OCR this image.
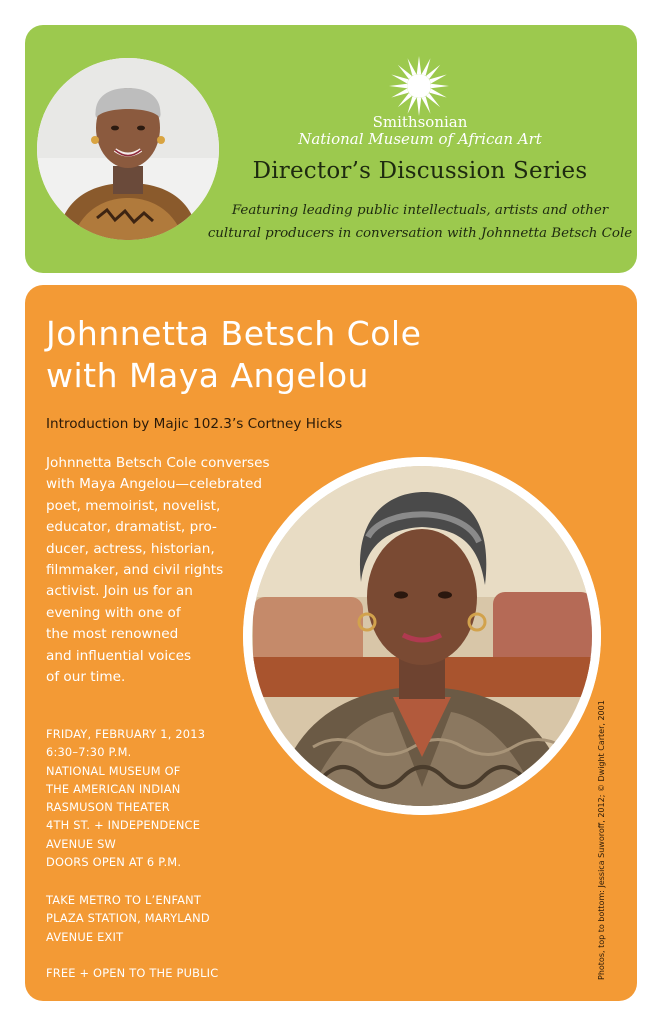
Smithsonian
National Museum of African Art
Director’s Discussion Series
Featuring leading public intellectuals, artists and other cultural producers in conversation with Johnnetta Betsch Cole
Johnnetta Betsch Cole
with Maya Angelou
Introduction by Majic 102.3’s Cortney Hicks
Johnnetta Betsch Cole converses
with Maya Angelou—celebrated
poet, memoirist, novelist,
educator, dramatist, pro-
ducer, actress, historian,
filmmaker, and civil rights
activist. Join us for an
evening with one of
the most renowned
and influential voices
of our time.
FRIDAY, FEBRUARY 1, 2013
6:30–7:30 P.M.
NATIONAL MUSEUM OF
THE AMERICAN INDIAN
RASMUSON THEATER
4TH ST. + INDEPENDENCE
AVENUE SW
DOORS OPEN AT 6 P.M.
TAKE METRO TO L’ENFANT
PLAZA STATION, MARYLAND
AVENUE EXIT
FREE + OPEN TO THE PUBLIC	Photos, top to bottom: Jessica Suworoff, 2012; © Dwight Carter, 2001
